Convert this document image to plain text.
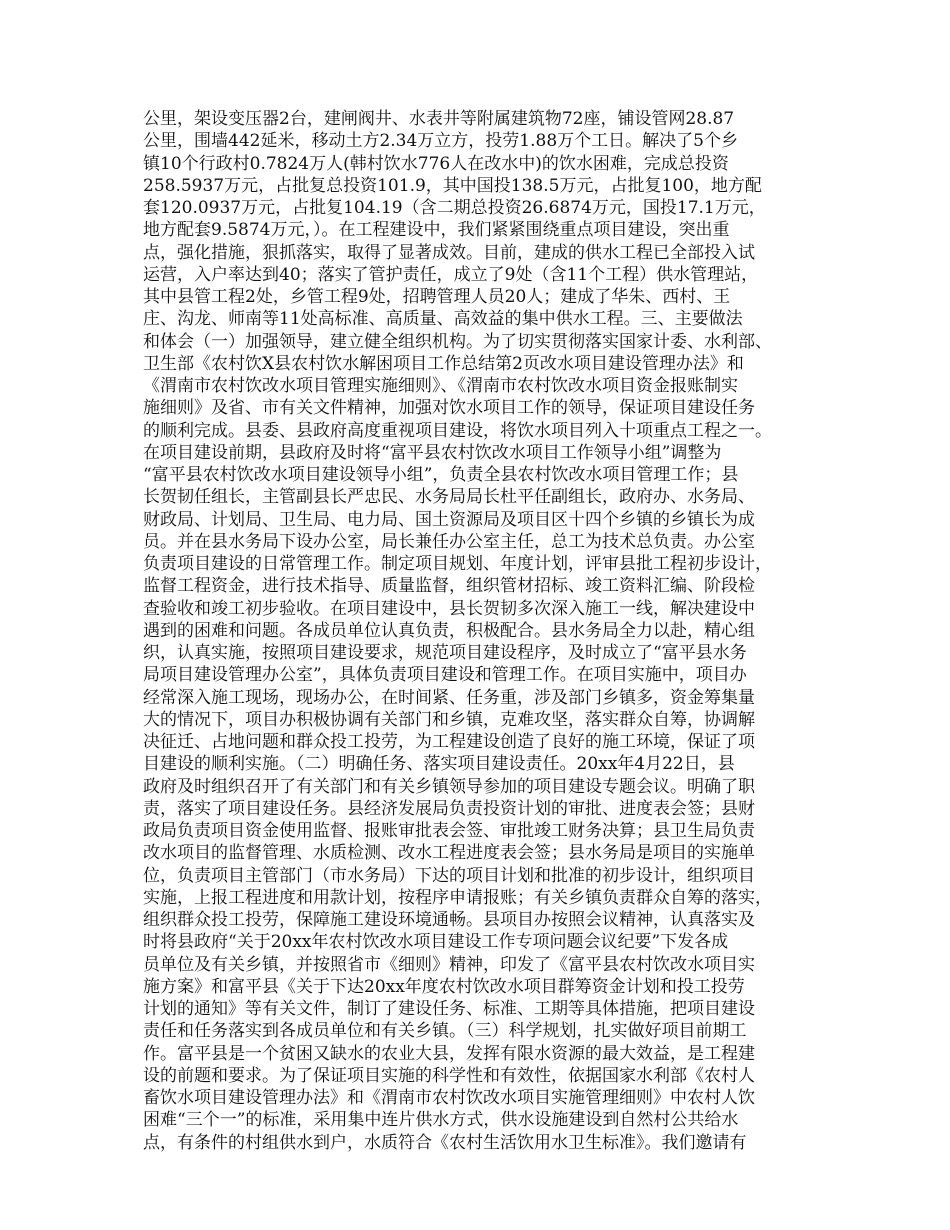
公里，架设变压器2台，建闸阀井、水表井等附属建筑物72座，铺设管网28.87
公里，围墙442延米，移动土方2.34万立方，投劳1.88万个工日。解决了5个乡
镇10个行政村0.7824万人(韩村饮水776人在改水中)的饮水困难，完成总投资
258.5937万元，占批复总投资101.9，其中国投138.5万元，占批复100，地方配
套120.0937万元，占批复104.19（含二期总投资26.6874万元，国投17.1万元，
地方配套9.5874万元，）。在工程建设中，我们紧紧围绕重点项目建设，突出重
点，强化措施，狠抓落实，取得了显著成效。目前，建成的供水工程已全部投入试
运营，入户率达到40；落实了管护责任，成立了9处（含11个工程）供水管理站，
其中县管工程2处，乡管工程9处，招聘管理人员20人；建成了华朱、西村、王
庄、沟龙、师南等11处高标准、高质量、高效益的集中供水工程。三、主要做法
和体会（一）加强领导，建立健全组织机构。为了切实贯彻落实国家计委、水利部、
卫生部《农村饮X县农村饮水解困项目工作总结第2页改水项目建设管理办法》和
《渭南市农村饮改水项目管理实施细则》、《渭南市农村饮改水项目资金报账制实
施细则》及省、市有关文件精神，加强对饮水项目工作的领导，保证项目建设任务
的顺利完成。县委、县政府高度重视项目建设，将饮水项目列入十项重点工程之一。
在项目建设前期，县政府及时将“富平县农村饮改水项目工作领导小组”调整为
“富平县农村饮改水项目建设领导小组”，负责全县农村饮改水项目管理工作；县
长贺韧任组长，主管副县长严忠民、水务局局长杜平任副组长，政府办、水务局、
财政局、计划局、卫生局、电力局、国土资源局及项目区十四个乡镇的乡镇长为成
员。并在县水务局下设办公室，局长兼任办公室主任，总工为技术总负责。办公室
负责项目建设的日常管理工作。制定项目规划、年度计划，评审县批工程初步设计，
监督工程资金，进行技术指导、质量监督，组织管材招标、竣工资料汇编、阶段检
查验收和竣工初步验收。在项目建设中，县长贺韧多次深入施工一线，解决建设中
遇到的困难和问题。各成员单位认真负责，积极配合。县水务局全力以赴，精心组
织，认真实施，按照项目建设要求，规范项目建设程序，及时成立了“富平县水务
局项目建设管理办公室”，具体负责项目建设和管理工作。在项目实施中，项目办
经常深入施工现场，现场办公，在时间紧、任务重，涉及部门乡镇多，资金筹集量
大的情况下，项目办积极协调有关部门和乡镇，克难攻坚，落实群众自筹，协调解
决征迁、占地问题和群众投工投劳，为工程建设创造了良好的施工环境，保证了项
目建设的顺利实施。（二）明确任务、落实项目建设责任。20xx年4月22日，县
政府及时组织召开了有关部门和有关乡镇领导参加的项目建设专题会议。明确了职
责，落实了项目建设任务。县经济发展局负责投资计划的审批、进度表会签；县财
政局负责项目资金使用监督、报账审批表会签、审批竣工财务决算；县卫生局负责
改水项目的监督管理、水质检测、改水工程进度表会签；县水务局是项目的实施单
位，负责项目主管部门（市水务局）下达的项目计划和批准的初步设计，组织项目
实施，上报工程进度和用款计划，按程序申请报账；有关乡镇负责群众自筹的落实，
组织群众投工投劳，保障施工建设环境通畅。县项目办按照会议精神，认真落实及
时将县政府“关于20xx年农村饮改水项目建设工作专项问题会议纪要”下发各成
员单位及有关乡镇，并按照省市《细则》精神，印发了《富平县农村饮改水项目实
施方案》和富平县《关于下达20xx年度农村饮改水项目群筹资金计划和投工投劳
计划的通知》等有关文件，制订了建设任务、标准、工期等具体措施，把项目建设
责任和任务落实到各成员单位和有关乡镇。（三）科学规划，扎实做好项目前期工
作。富平县是一个贫困又缺水的农业大县，发挥有限水资源的最大效益，是工程建
设的前题和要求。为了保证项目实施的科学性和有效性，依据国家水利部《农村人
畜饮水项目建设管理办法》和《渭南市农村饮改水项目实施管理细则》中农村人饮
困难“三个一”的标准，采用集中连片供水方式，供水设施建设到自然村公共给水
点，有条件的村组供水到户，水质符合《农村生活饮用水卫生标准》。我们邀请有
